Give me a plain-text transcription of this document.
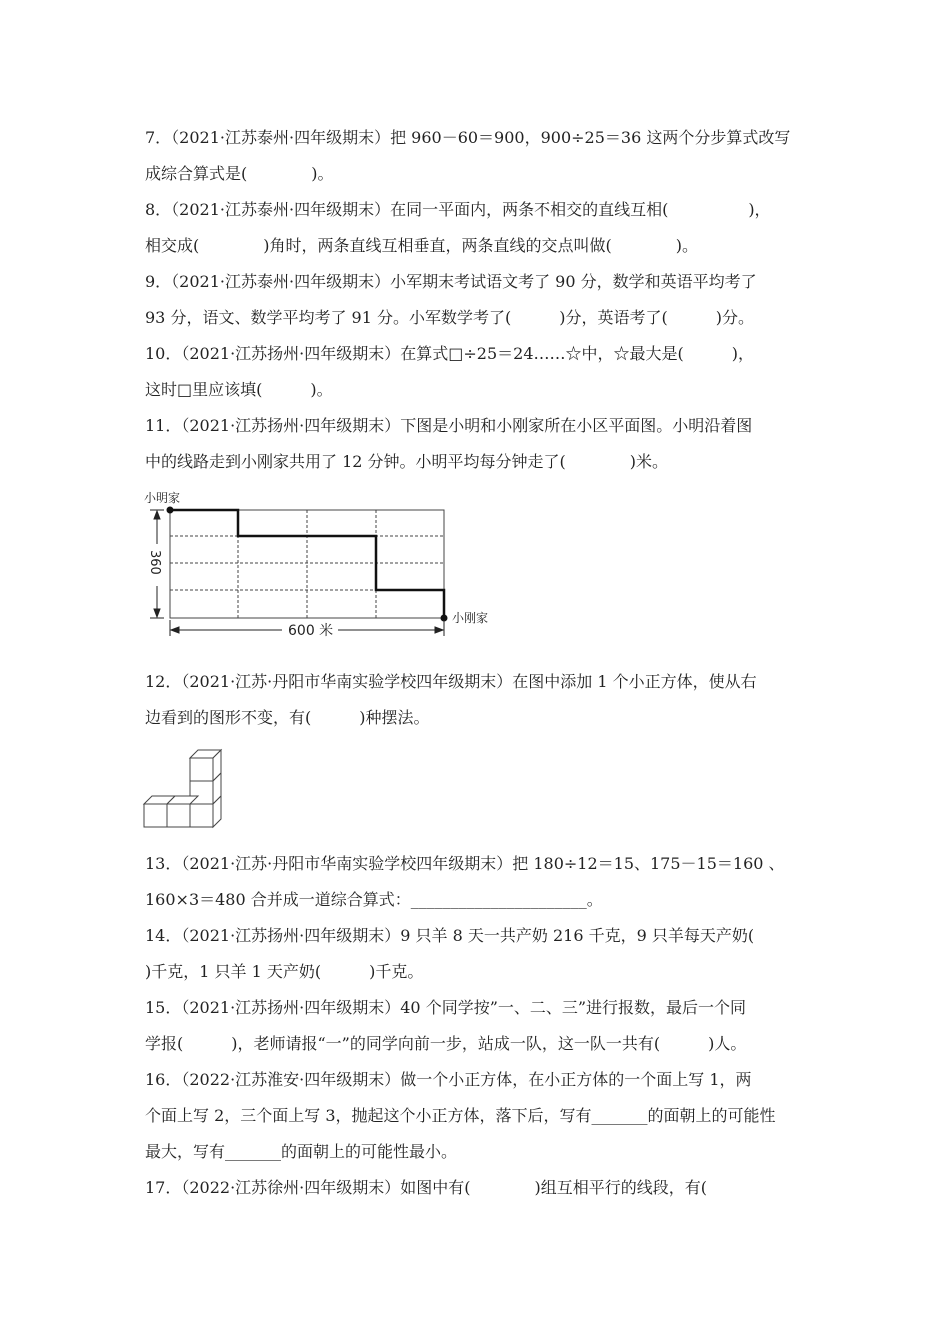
7．（2021·江苏泰州·四年级期末）把 960－60＝900，900÷25＝36 这两个分步算式改写
成综合算式是(　　　　)。
8．（2021·江苏泰州·四年级期末）在同一平面内，两条不相交的直线互相(　　　　　)，
相交成(　　　　)角时，两条直线互相垂直，两条直线的交点叫做(　　　　)。
9．（2021·江苏泰州·四年级期末）小军期末考试语文考了 90 分，数学和英语平均考了
93 分，语文、数学平均考了 91 分。小军数学考了(　　　)分，英语考了(　　　)分。
10．（2021·江苏扬州·四年级期末）在算式□÷25＝24……☆中，☆最大是(　　　)，
这时□里应该填(　　　)。
11．（2021·江苏扬州·四年级期末）下图是小明和小刚家所在小区平面图。小明沿着图
中的线路走到小刚家共用了 12 分钟。小明平均每分钟走了(　　　　)米。
小明家
小刚家
360
600 米
12．（2021·江苏·丹阳市华南实验学校四年级期末）在图中添加 1 个小正方体，使从右
边看到的图形不变，有(　　　)种摆法。
13．（2021·江苏·丹阳市华南实验学校四年级期末）把 180÷12＝15、175－15＝160 、
160×3＝480 合并成一道综合算式：______________________。
14．（2021·江苏扬州·四年级期末）9 只羊 8 天一共产奶 216 千克，9 只羊每天产奶(
)千克，1 只羊 1 天产奶(　　　)千克。
15．（2021·江苏扬州·四年级期末）40 个同学按”一、二、三”进行报数，最后一个同
学报(　　　)，老师请报“一”的同学向前一步，站成一队，这一队一共有(　　　)人。
16．（2022·江苏淮安·四年级期末）做一个小正方体，在小正方体的一个面上写 1，两
个面上写 2，三个面上写 3，抛起这个小正方体，落下后，写有_______的面朝上的可能性
最大，写有_______的面朝上的可能性最小。
17．（2022·江苏徐州·四年级期末）如图中有(　　　　)组互相平行的线段，有(
